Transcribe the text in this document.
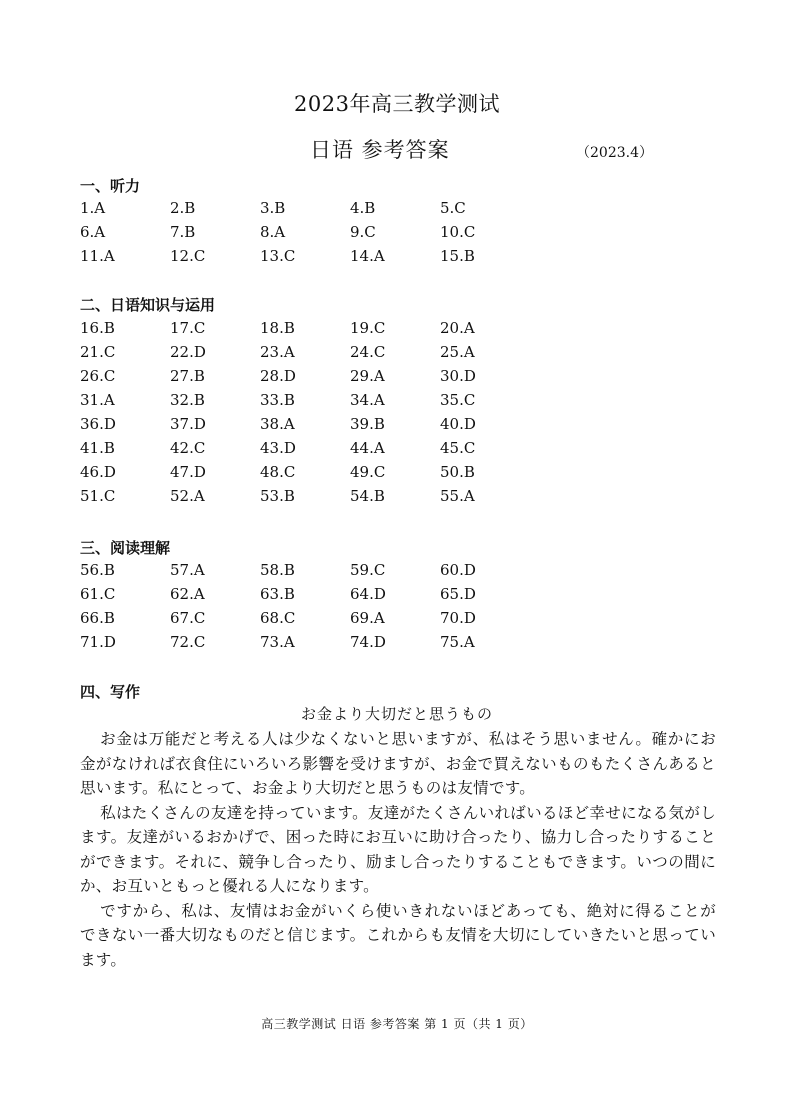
2023年高三教学测试
日语 参考答案	（2023.4）
一、听力
1.A	2.B	3.B	4.B	5.C
6.A	7.B	8.A	9.C	10.C
11.A	12.C	13.C	14.A	15.B
二、日语知识与运用
16.B	17.C	18.B	19.C	20.A
21.C	22.D	23.A	24.C	25.A
26.C	27.B	28.D	29.A	30.D
31.A	32.B	33.B	34.A	35.C
36.D	37.D	38.A	39.B	40.D
41.B	42.C	43.D	44.A	45.C
46.D	47.D	48.C	49.C	50.B
51.C	52.A	53.B	54.B	55.A
三、阅读理解
56.B	57.A	58.B	59.C	60.D
61.C	62.A	63.B	64.D	65.D
66.B	67.C	68.C	69.A	70.D
71.D	72.C	73.A	74.D	75.A
四、写作
お金より大切だと思うもの

お金は万能だと考える人は少なくないと思いますが、私はそう思いません。確かにお金がなければ衣食住にいろいろ影響を受けますが、お金で買えないものもたくさんあると思います。私にとって、お金より大切だと思うものは友情です。

私はたくさんの友達を持っています。友達がたくさんいればいるほど幸せになる気がします。友達がいるおかげで、困った時にお互いに助け合ったり、協力し合ったりすることができます。それに、競争し合ったり、励まし合ったりすることもできます。いつの間にか、お互いともっと優れる人になります。

ですから、私は、友情はお金がいくら使いきれないほどあっても、絶対に得ることができない一番大切なものだと信じます。これからも友情を大切にしていきたいと思っています。

高三教学测试 日语 参考答案 第 1 页（共 1 页）
